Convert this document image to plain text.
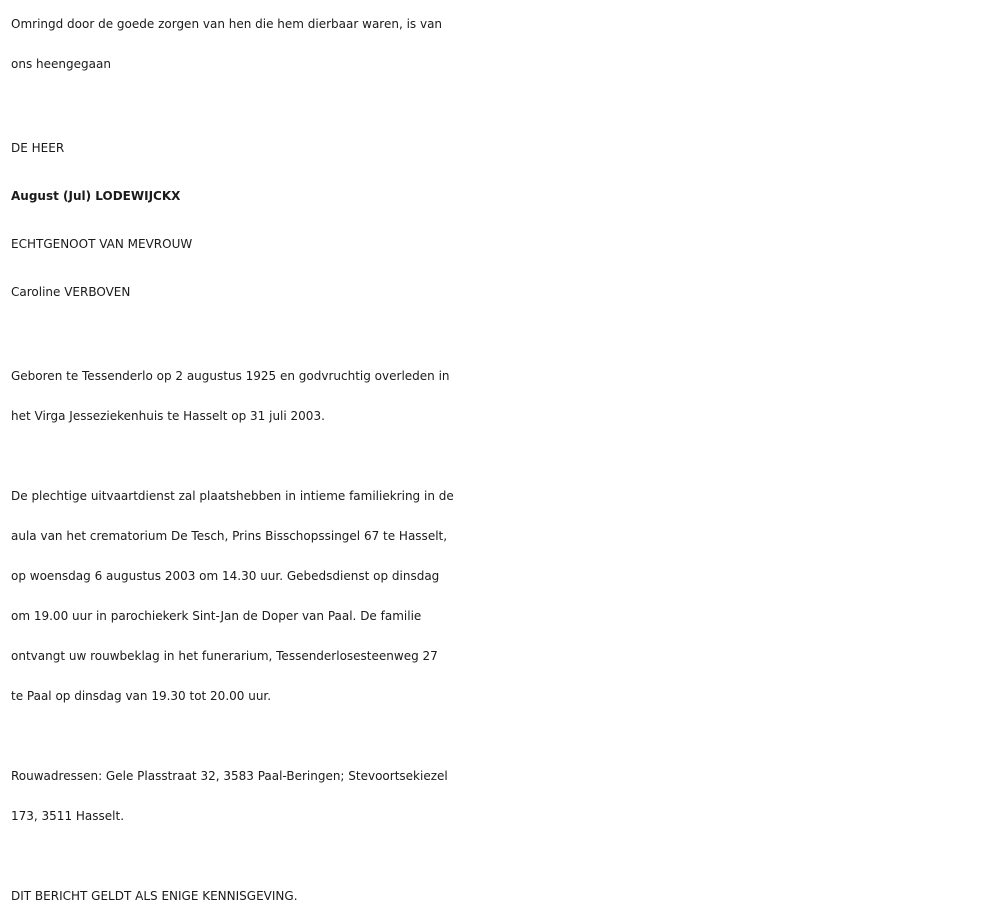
Omringd door de goede zorgen van hen die hem dierbaar waren, is van
ons heengegaan
DE HEER
August (Jul) LODEWIJCKX
ECHTGENOOT VAN MEVROUW
Caroline VERBOVEN
Geboren te Tessenderlo op 2 augustus 1925 en godvruchtig overleden in
het Virga Jesseziekenhuis te Hasselt op 31 juli 2003.
De plechtige uitvaartdienst zal plaatshebben in intieme familiekring in de
aula van het crematorium De Tesch, Prins Bisschopssingel 67 te Hasselt,
op woensdag 6 augustus 2003 om 14.30 uur. Gebedsdienst op dinsdag
om 19.00 uur in parochiekerk Sint-Jan de Doper van Paal. De familie
ontvangt uw rouwbeklag in het funerarium, Tessenderlosesteenweg 27
te Paal op dinsdag van 19.30 tot 20.00 uur.
Rouwadressen: Gele Plasstraat 32, 3583 Paal-Beringen; Stevoortsekiezel
173, 3511 Hasselt.
DIT BERICHT GELDT ALS ENIGE KENNISGEVING.
